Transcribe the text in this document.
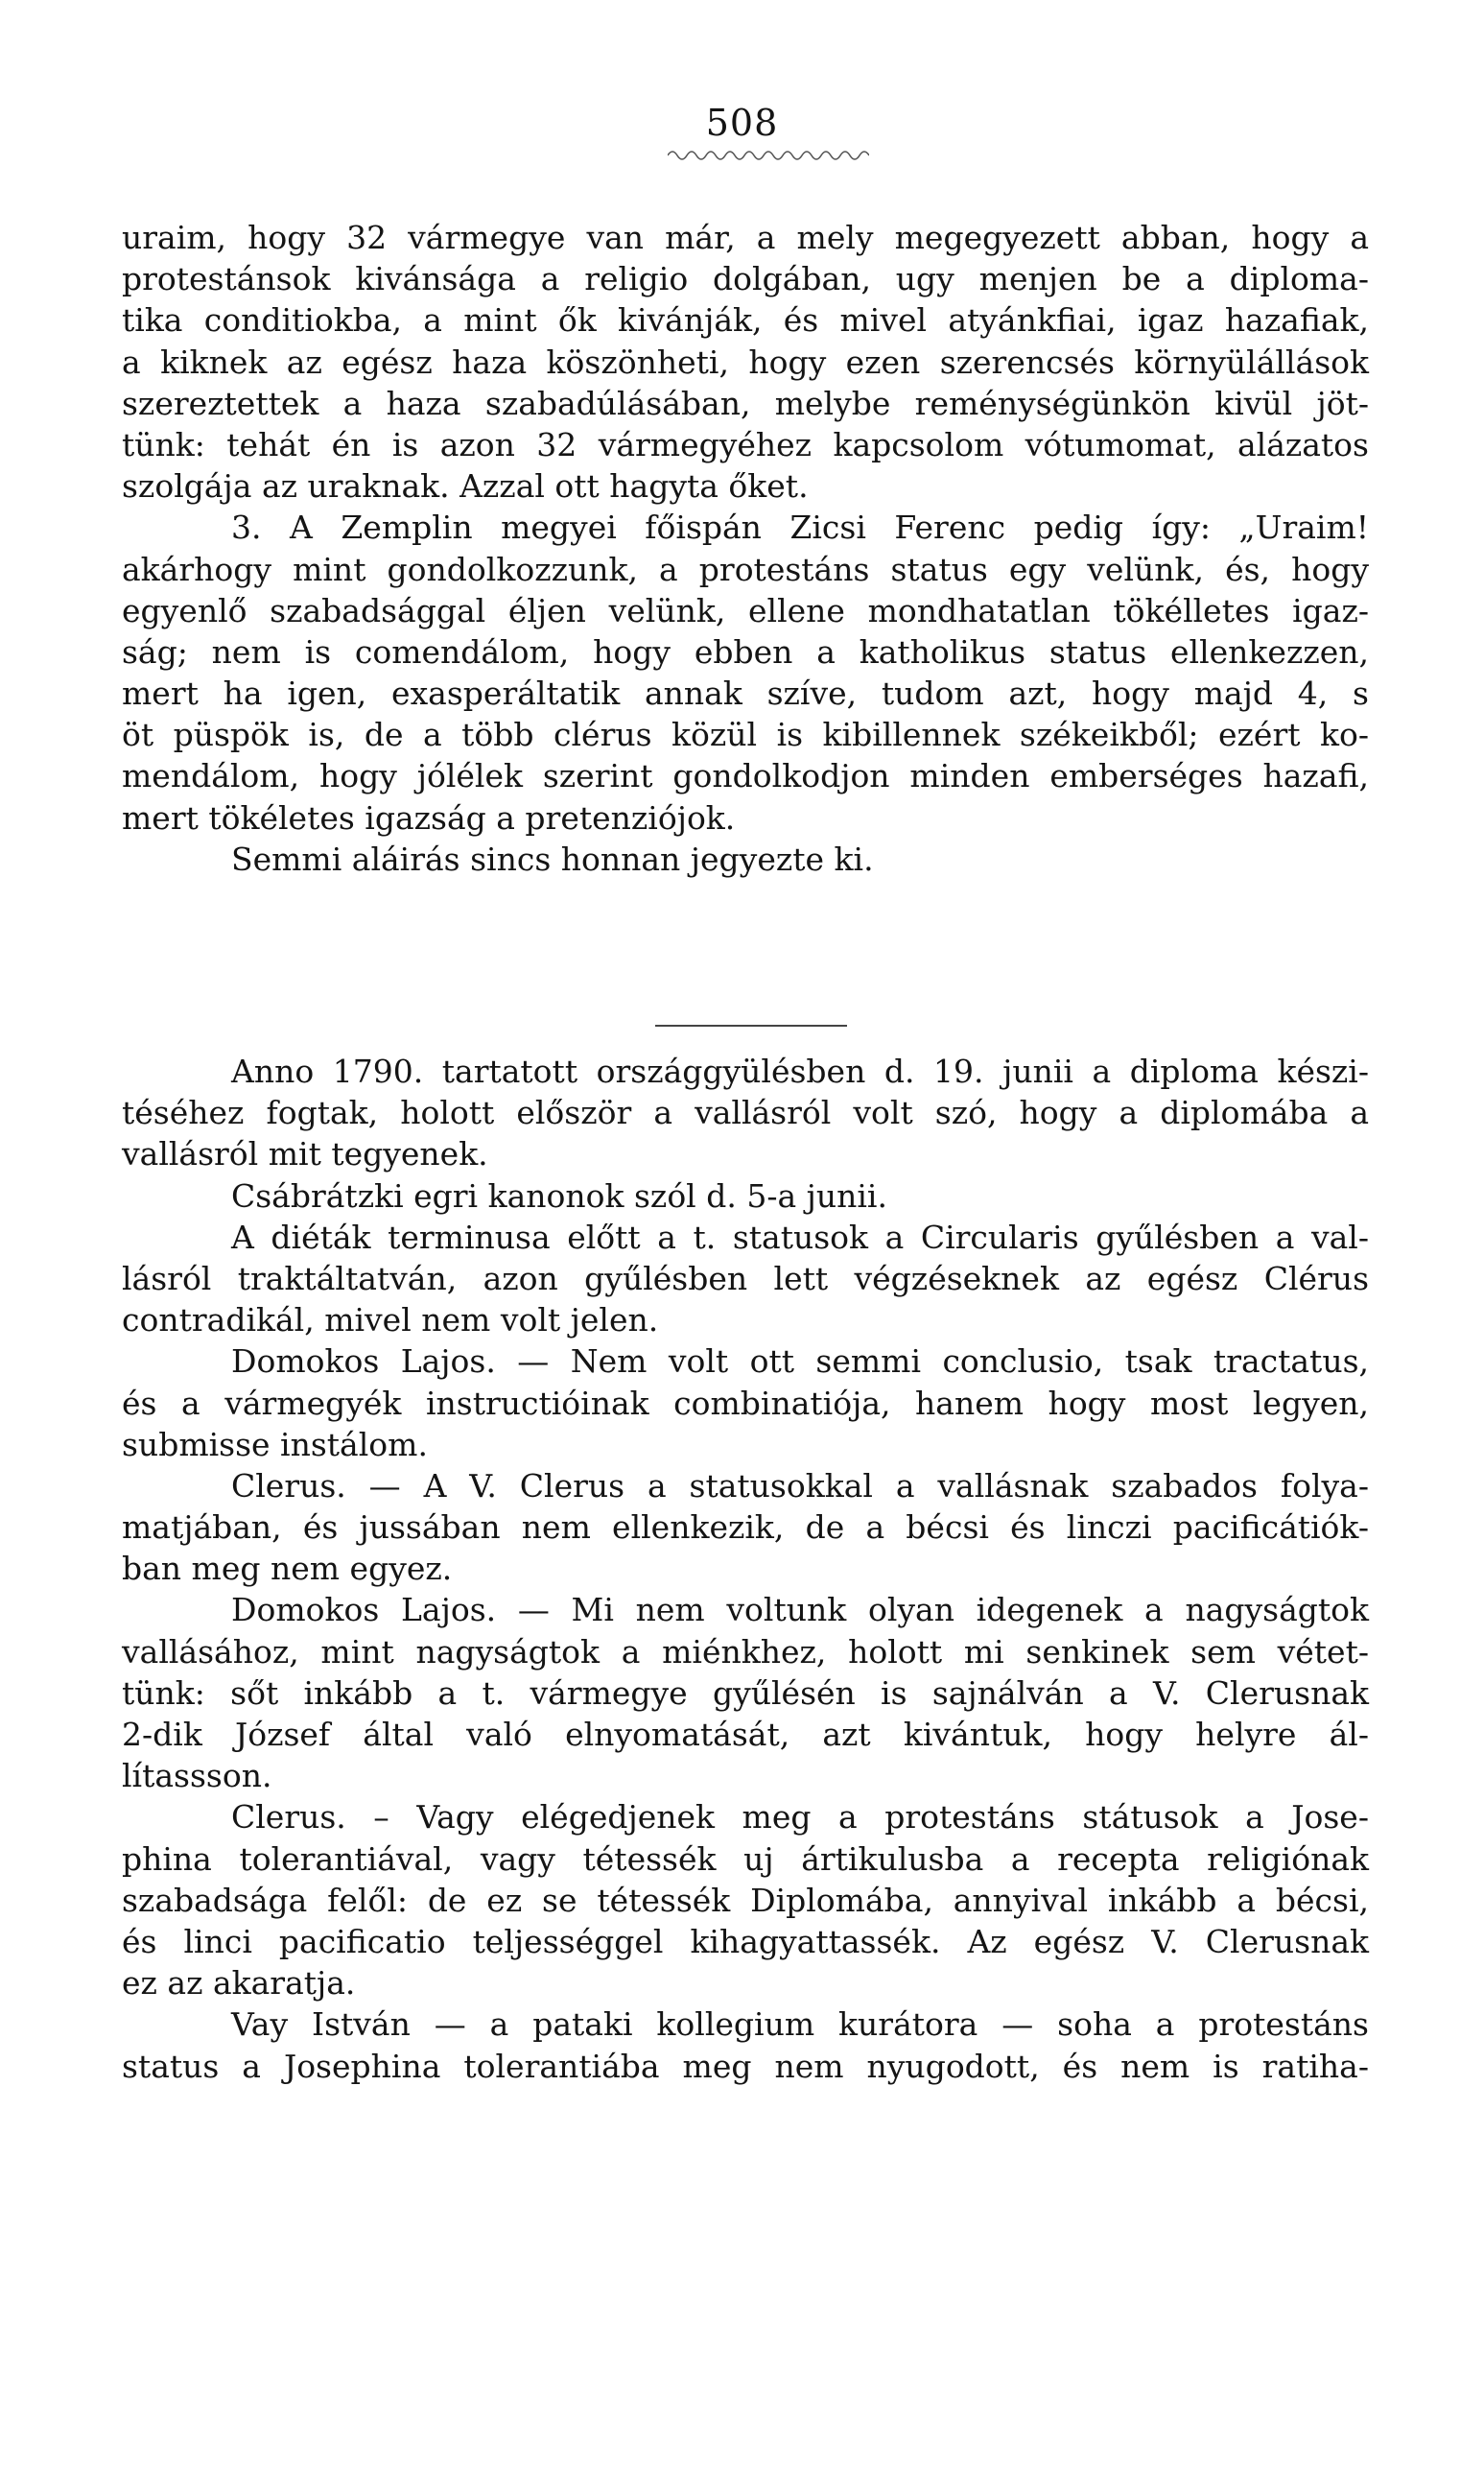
508
uraim, hogy 32 vármegye van már, a mely megegyezett abban, hogy a
protestánsok kivánsága a religio dolgában, ugy menjen be a diploma-
tika conditiokba, a mint ők kivánják, és mivel atyánkfiai, igaz hazafiak,
a kiknek az egész haza köszönheti, hogy ezen szerencsés környülállások
szereztettek a haza szabadúlásában, melybe reménységünkön kivül jöt-
tünk: tehát én is azon 32 vármegyéhez kapcsolom vótumomat, alázatos
szolgája az uraknak. Azzal ott hagyta őket.
3. A Zemplin megyei főispán Zicsi Ferenc pedig így: „Uraim!
akárhogy mint gondolkozzunk, a protestáns status egy velünk, és, hogy
egyenlő szabadsággal éljen velünk, ellene mondhatatlan tökélletes igaz-
ság; nem is comendálom, hogy ebben a katholikus status ellenkezzen,
mert ha igen, exasperáltatik annak szíve, tudom azt, hogy majd 4, s
öt püspök is, de a több clérus közül is kibillennek székeikből; ezért ko-
mendálom, hogy jólélek szerint gondolkodjon minden emberséges hazafi,
mert tökéletes igazság a pretenziójok.
Semmi aláirás sincs honnan jegyezte ki.
Anno 1790. tartatott országgyülésben d. 19. junii a diploma készi-
téséhez fogtak, holott először a vallásról volt szó, hogy a diplomába a
vallásról mit tegyenek.
Csábrátzki egri kanonok szól d. 5-a junii.
A diéták terminusa előtt a t. statusok a Circularis gyűlésben a val-
lásról traktáltatván, azon gyűlésben lett végzéseknek az egész Clérus
contradikál, mivel nem volt jelen.
Domokos Lajos. — Nem volt ott semmi conclusio, tsak tractatus,
és a vármegyék instructióinak combinatiója, hanem hogy most legyen,
submisse instálom.
Clerus. — A V. Clerus a statusokkal a vallásnak szabados folya-
matjában, és jussában nem ellenkezik, de a bécsi és linczi pacificátiók-
ban meg nem egyez.
Domokos Lajos. — Mi nem voltunk olyan idegenek a nagyságtok
vallásához, mint nagyságtok a miénkhez, holott mi senkinek sem vétet-
tünk: sőt inkább a t. vármegye gyűlésén is sajnálván a V. Clerusnak
2-dik József által való elnyomatását, azt kivántuk, hogy helyre ál-
lítassson.
Clerus. – Vagy elégedjenek meg a protestáns státusok a Jose-
phina tolerantiával, vagy tétessék uj ártikulusba a recepta religiónak
szabadsága felől: de ez se tétessék Diplomába, annyival inkább a bécsi,
és linci pacificatio teljességgel kihagyattassék. Az egész V. Clerusnak
ez az akaratja.
Vay István — a pataki kollegium kurátora — soha a protestáns
status a Josephina tolerantiába meg nem nyugodott, és nem is ratiha-
